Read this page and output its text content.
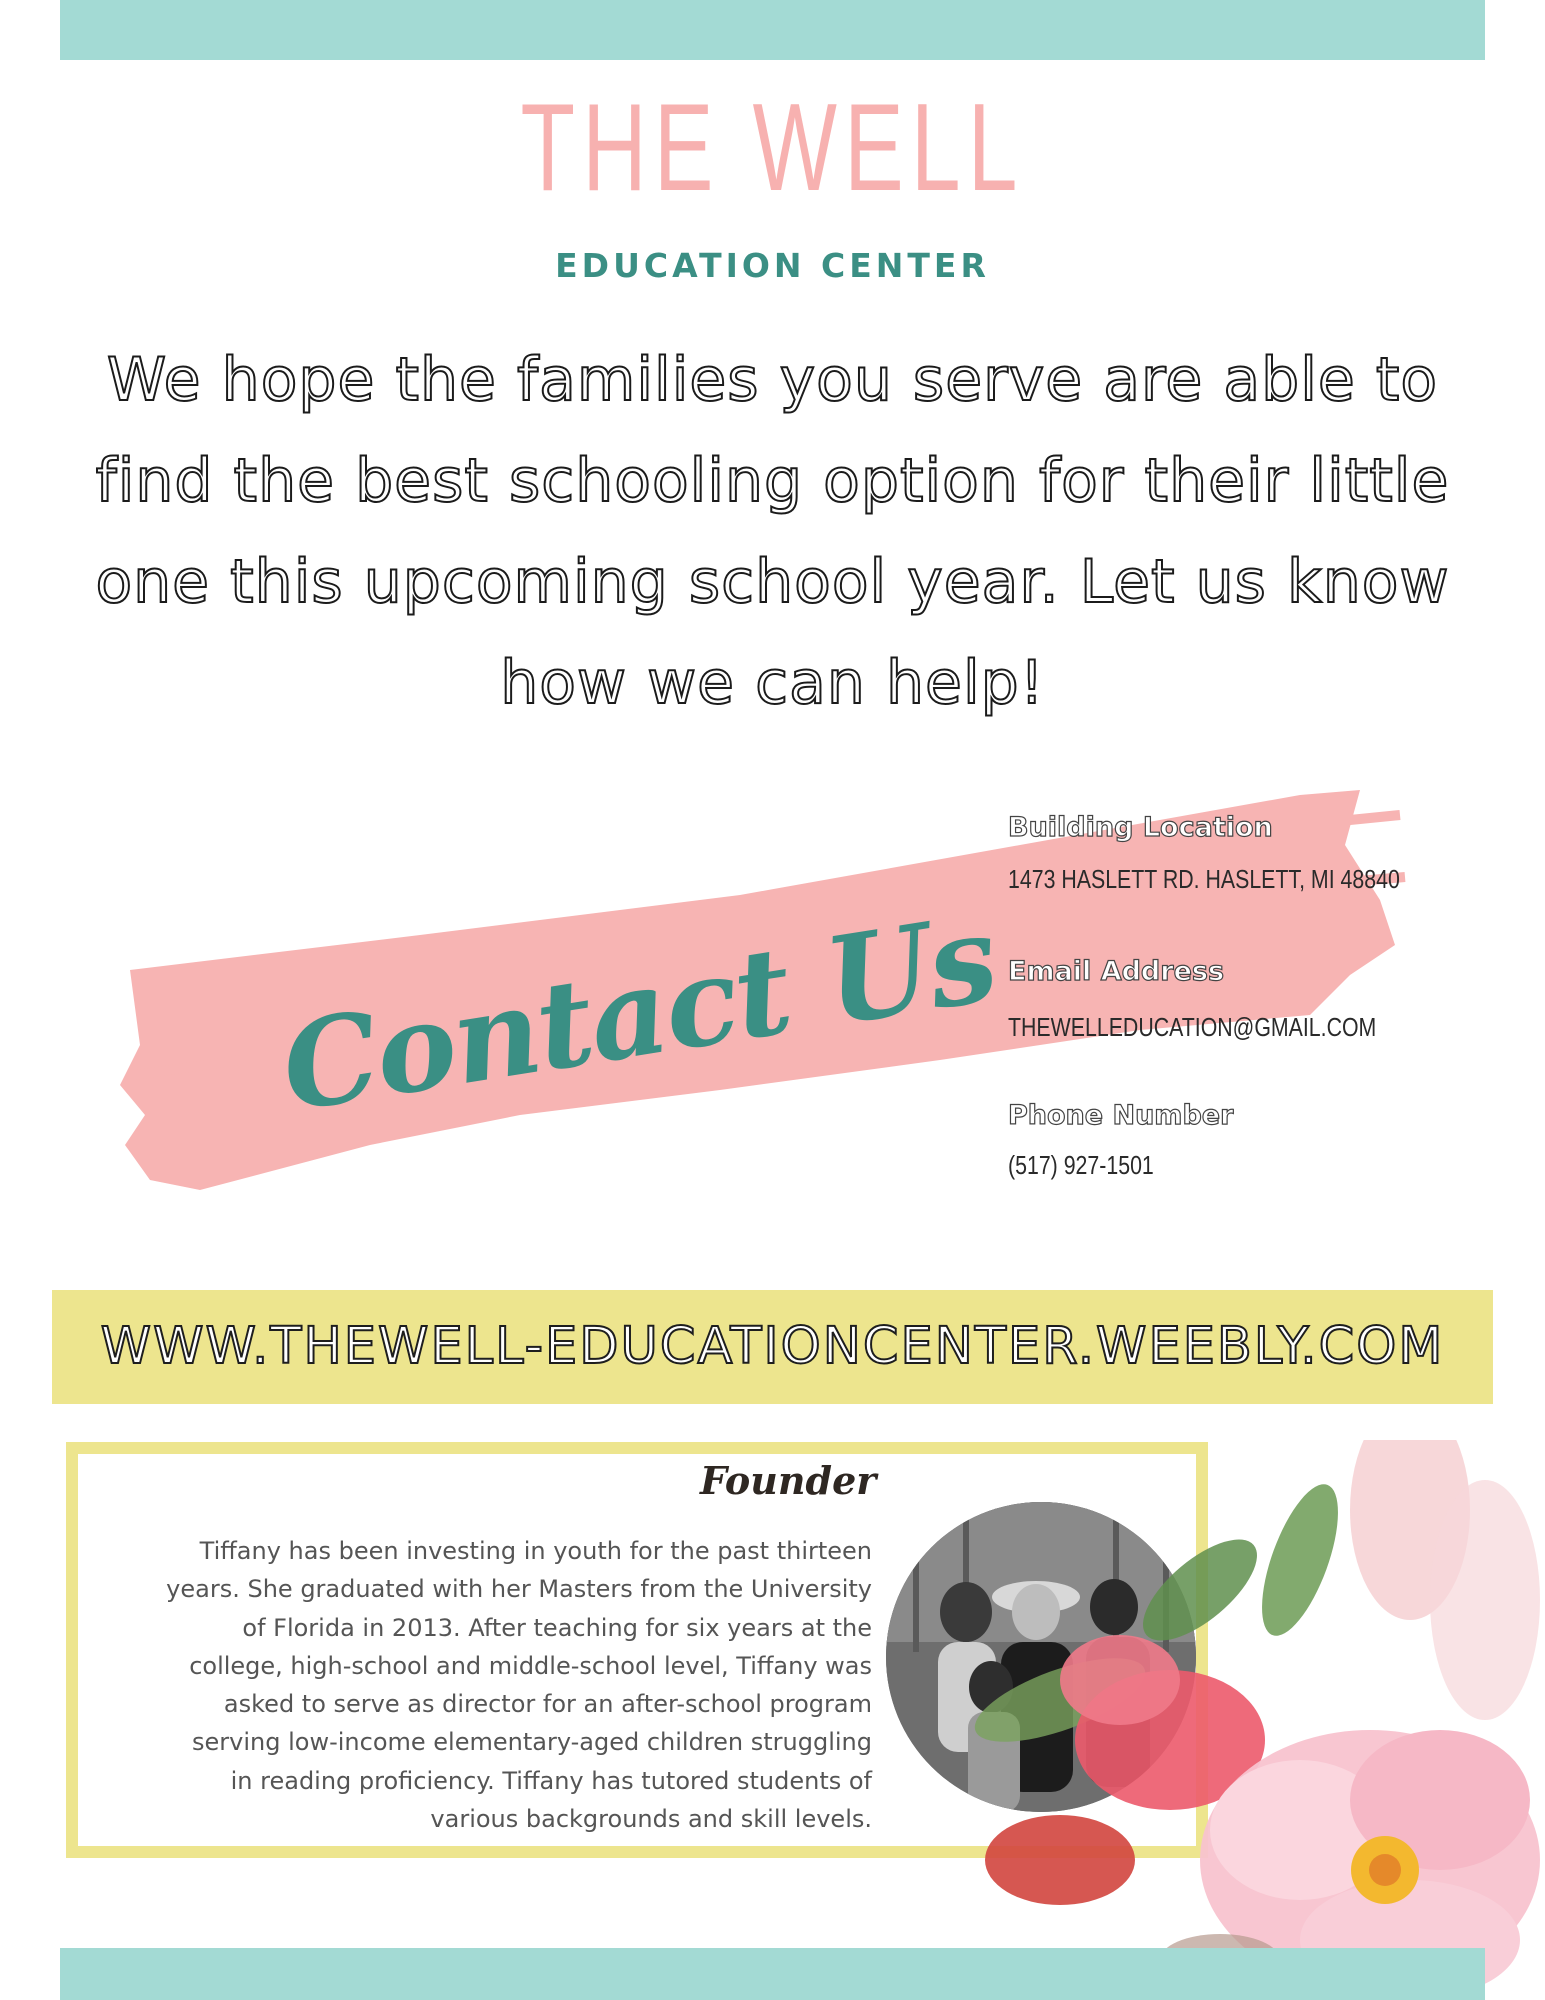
THE WELL
EDUCATION CENTER
We hope the families you serve are able to find the best schooling option for their little one this upcoming school year. Let us know how we can help!
Contact Us
Building Location
1473 HASLETT RD. HASLETT, MI 48840
Email Address
THEWELLEDUCATION@GMAIL.COM
Phone Number
(517) 927-1501
WWW.THEWELL-EDUCATIONCENTER.WEEBLY.COM
Founder
Tiffany has been investing in youth for the past thirteen
years. She graduated with her Masters from the University
of Florida in 2013. After teaching for six years at the
college, high-school and middle-school level, Tiffany was
asked to serve as director for an after-school program
serving low-income elementary-aged children struggling
in reading proficiency. Tiffany has tutored students of
various backgrounds and skill levels.
